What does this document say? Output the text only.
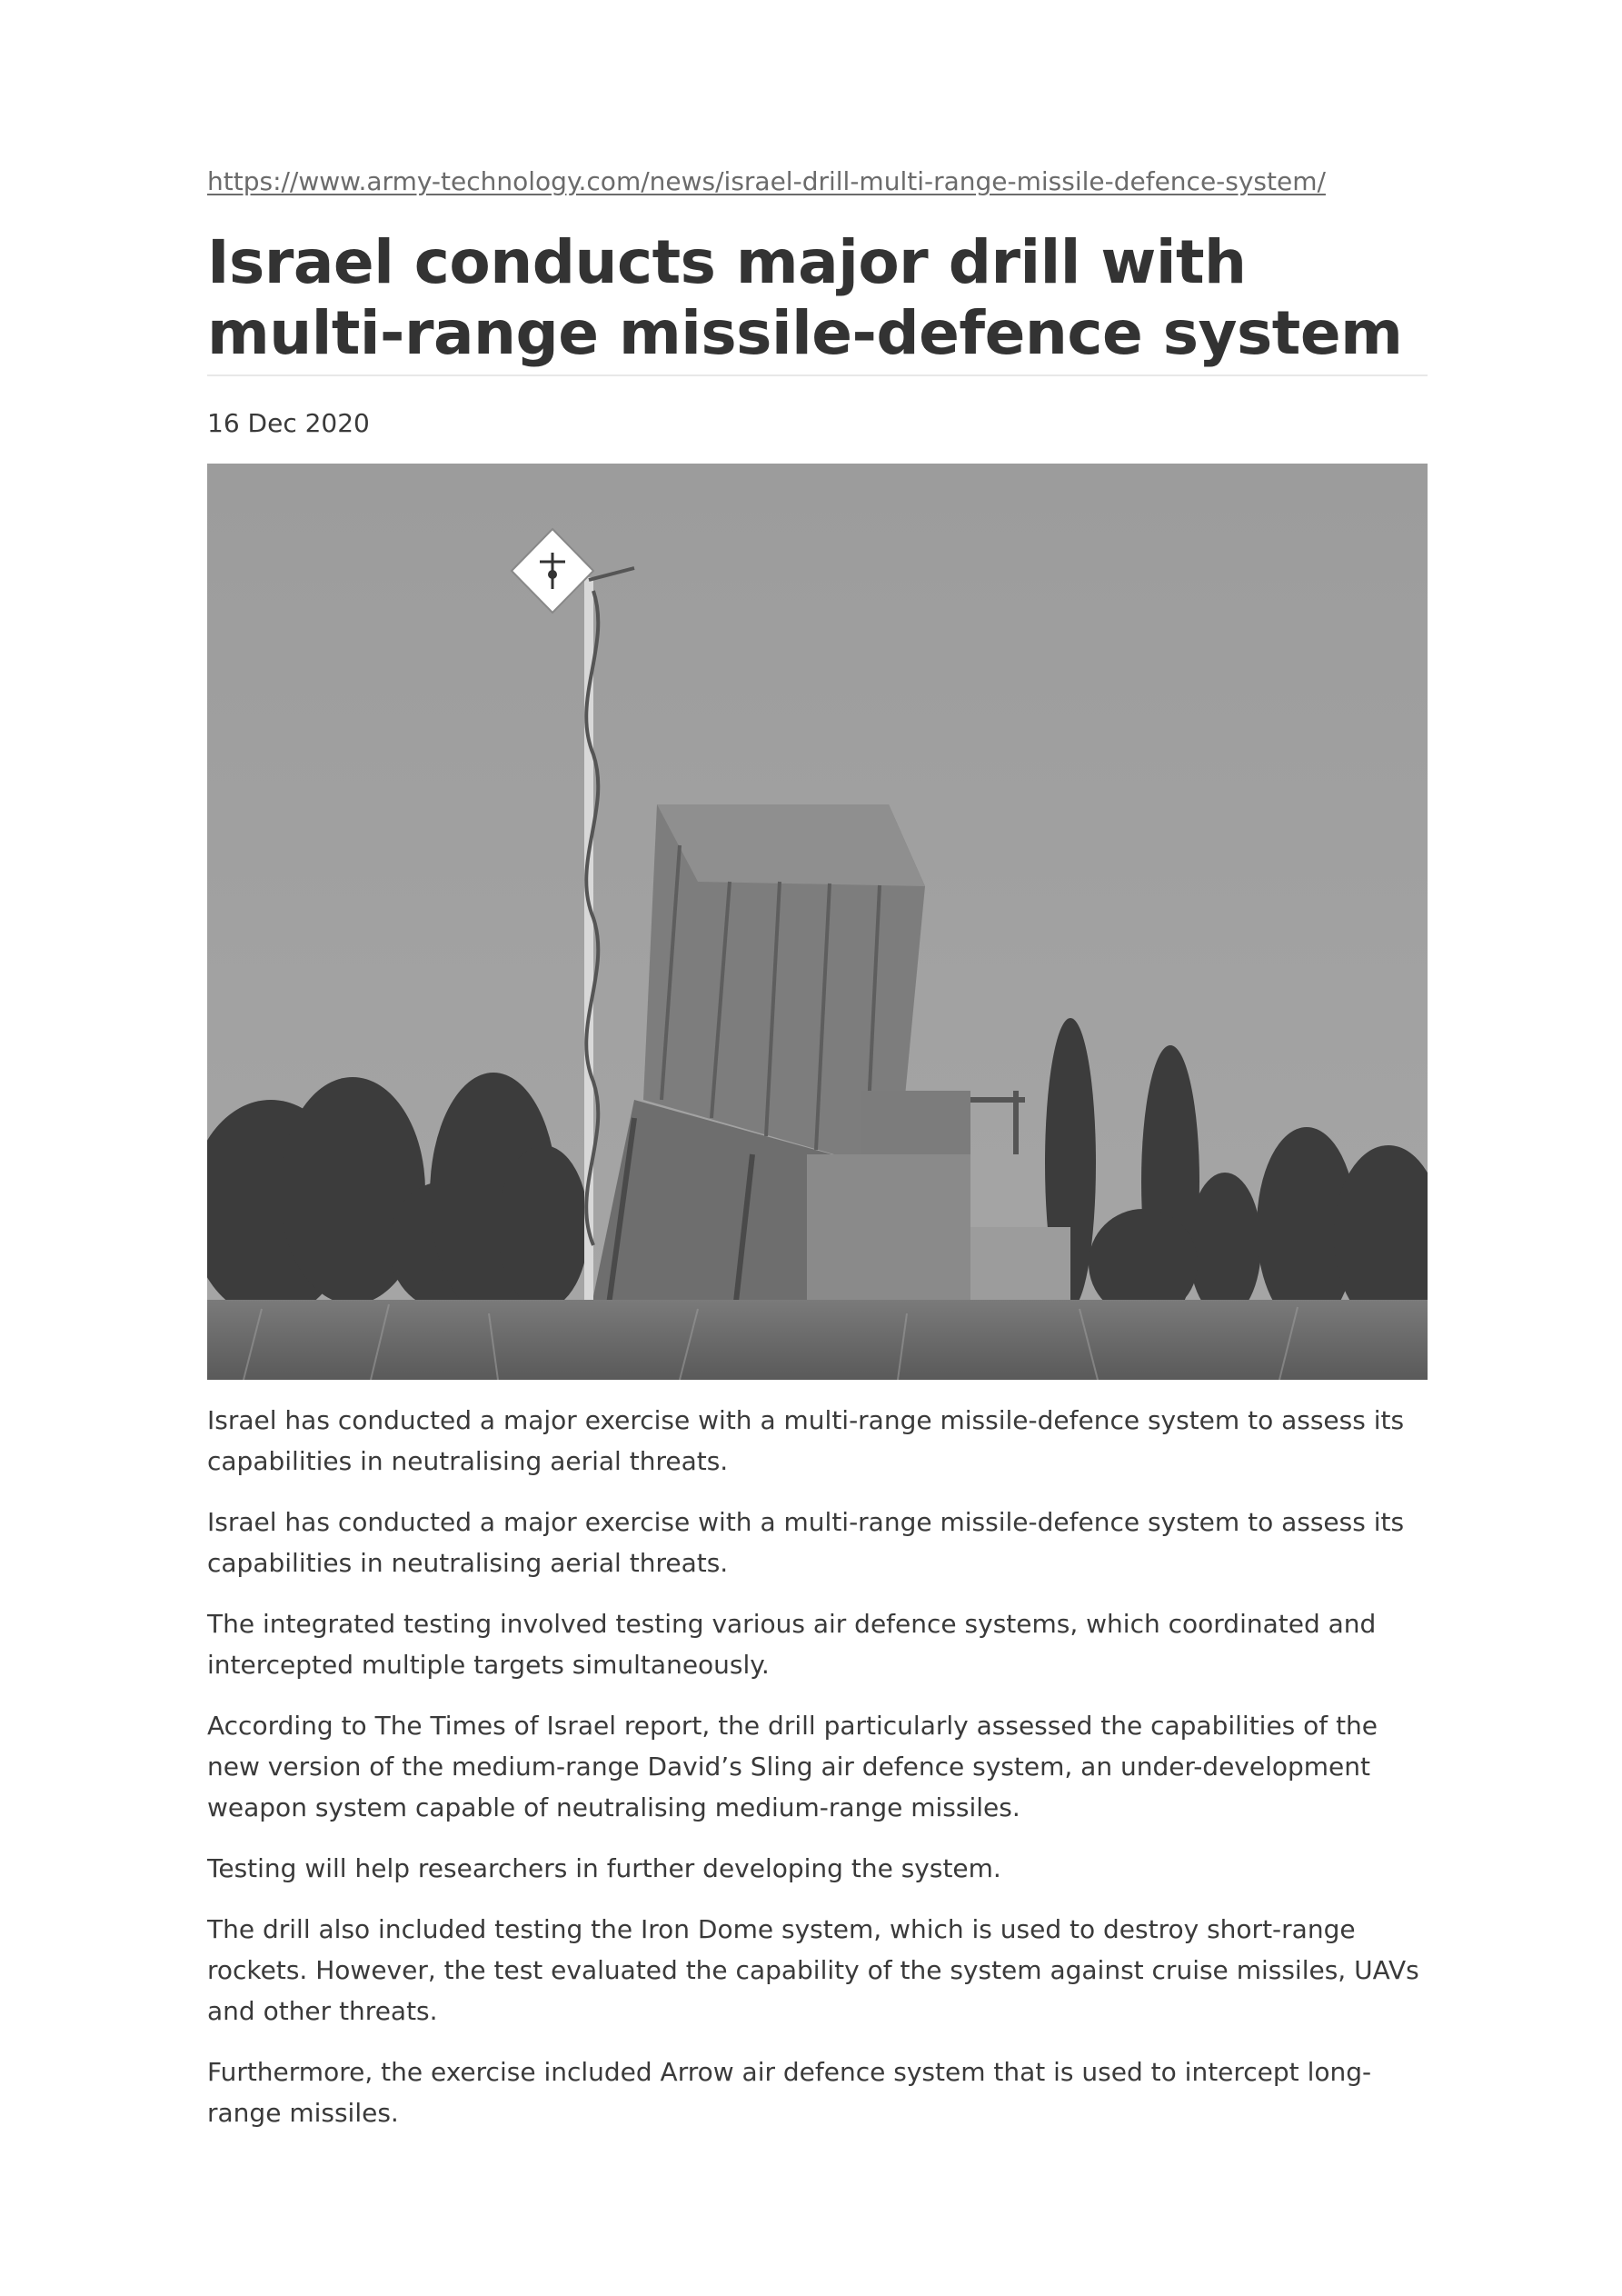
https://www.army-technology.com/news/israel-drill-multi-range-missile-defence-system/
Israel conducts major drill with multi-range missile-defence system
16 Dec 2020

Israel has conducted a major exercise with a multi-range missile-defence system to assess its capabilities in neutralising aerial threats.

Israel has conducted a major exercise with a multi-range missile-defence system to assess its capabilities in neutralising aerial threats.

The integrated testing involved testing various air defence systems, which coordinated and intercepted multiple targets simultaneously.

According to The Times of Israel report, the drill particularly assessed the capabilities of the new version of the medium-range David’s Sling air defence system, an under-development weapon system capable of neutralising medium-range missiles.

Testing will help researchers in further developing the system.

The drill also included testing the Iron Dome system, which is used to destroy short-range rockets. However, the test evaluated the capability of the system against cruise missiles, UAVs and other threats.

Furthermore, the exercise included Arrow air defence system that is used to intercept long-range missiles.
